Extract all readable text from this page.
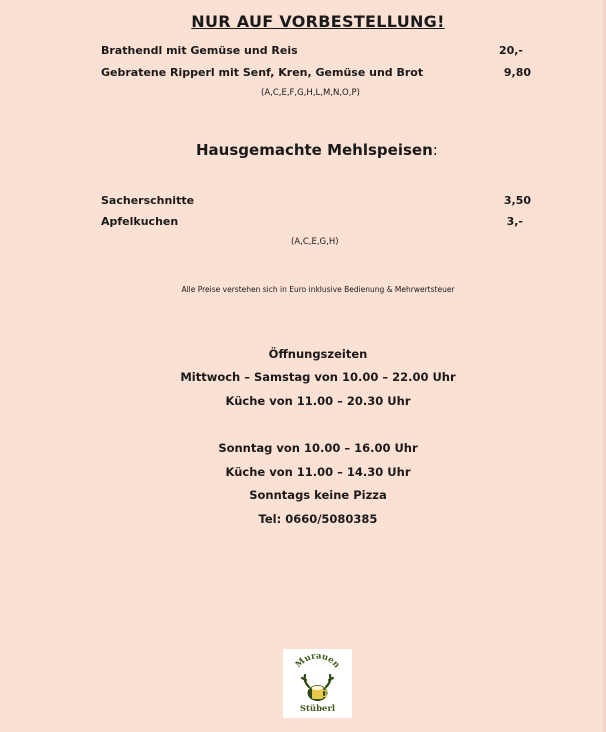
NUR AUF VORBESTELLUNG!
Brathendl mit Gemüse und Reis	20,-
Gebratene Ripperl mit Senf, Kren, Gemüse und Brot	9,80
(A,C,E,F,G,H,L,M,N,O,P)
Hausgemachte Mehlspeisen:
Sacherschnitte	3,50
Apfelkuchen	3,-
(A,C,E,G,H)
Alle Preise verstehen sich in Euro inklusive Bedienung & Mehrwertsteuer
Öffnungszeiten
Mittwoch – Samstag von 10.00 – 22.00 Uhr
Küche von 11.00 – 20.30 Uhr
Sonntag von 10.00 – 16.00 Uhr
Küche von 11.00 – 14.30 Uhr
Sonntags keine Pizza
Tel: 0660/5080385
Murauen
Stüberl
